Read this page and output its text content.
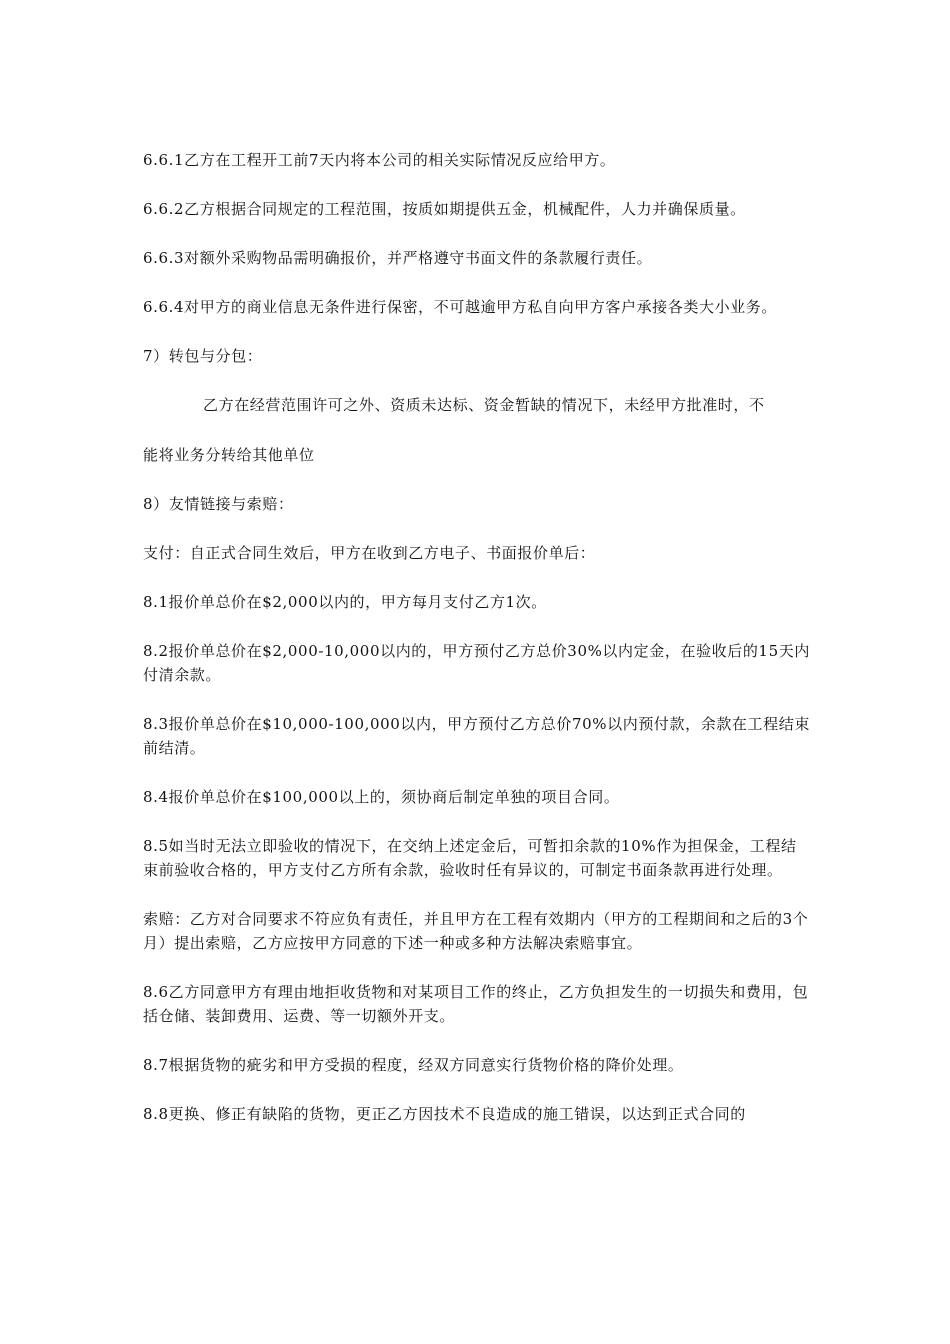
6.6.1乙方在工程开工前7天内将本公司的相关实际情况反应给甲方。

6.6.2乙方根据合同规定的工程范围，按质如期提供五金，机械配件，人力并确保质量。

6.6.3对额外采购物品需明确报价，并严格遵守书面文件的条款履行责任。

6.6.4对甲方的商业信息无条件进行保密，不可越逾甲方私自向甲方客户承接各类大小业务。

7）转包与分包：

乙方在经营范围许可之外、资质未达标、资金暂缺的情况下，未经甲方批准时，不

能将业务分转给其他单位

8）友情链接与索赔：

支付：自正式合同生效后，甲方在收到乙方电子、书面报价单后：

8.1报价单总价在$2,000以内的，甲方每月支付乙方1次。

8.2报价单总价在$2,000-10,000以内的，甲方预付乙方总价30%以内定金，在验收后的15天内付清余款。

8.3报价单总价在$10,000-100,000以内，甲方预付乙方总价70%以内预付款，余款在工程结束前结清。

8.4报价单总价在$100,000以上的，须协商后制定单独的项目合同。

8.5如当时无法立即验收的情况下，在交纳上述定金后，可暂扣余款的10%作为担保金，工程结束前验收合格的，甲方支付乙方所有余款，验收时任有异议的，可制定书面条款再进行处理。

索赔：乙方对合同要求不符应负有责任，并且甲方在工程有效期内（甲方的工程期间和之后的3个月）提出索赔，乙方应按甲方同意的下述一种或多种方法解决索赔事宜。

8.6乙方同意甲方有理由地拒收货物和对某项目工作的终止，乙方负担发生的一切损失和费用，包括仓储、装卸费用、运费、等一切额外开支。

8.7根据货物的疵劣和甲方受损的程度，经双方同意实行货物价格的降价处理。

8.8更换、修正有缺陷的货物，更正乙方因技术不良造成的施工错误，以达到正式合同的
